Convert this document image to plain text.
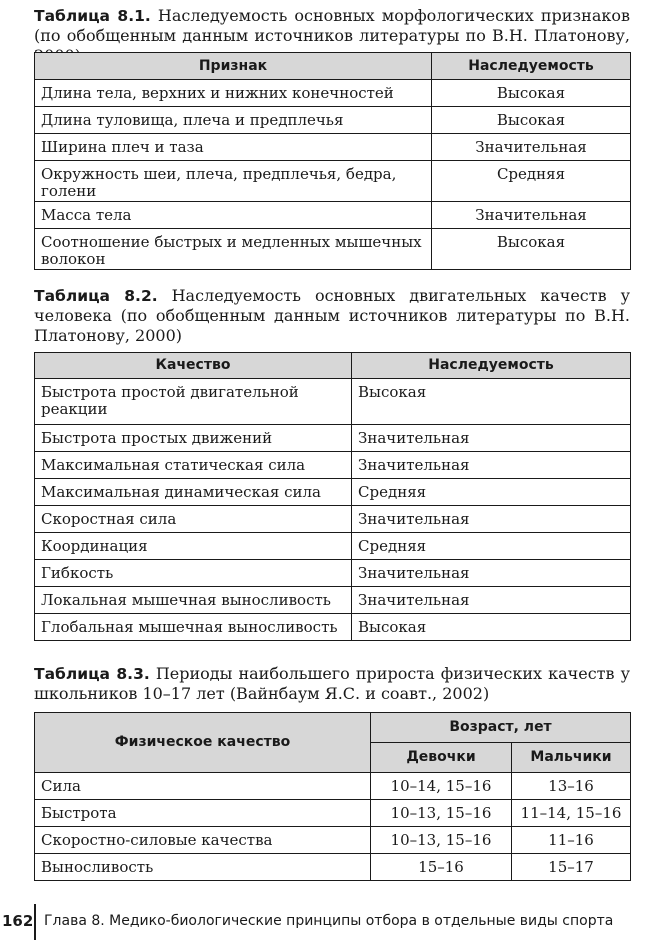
Таблица 8.1. Наследуемость основных морфологических признаков (по обобщенным данным источников литературы по В.Н. Платонову,
Признак	Наследуемость
Длина тела, верхних и нижних конечностей	Высокая
Длина туловища, плеча и предплечья	Высокая
Ширина плеч и таза	Значительная
Окружность шеи, плеча, предплечья, бедра, голени	Средняя
Масса тела	Значительная
Соотношение быстрых и медленных мышечных волокон	Высокая
Таблица 8.2. Наследуемость основных двигательных качеств у человека (по обобщенным данным источников литературы по В.Н. Платонову, 2000)
Качество	Наследуемость
Быстрота простой двигательной реакции	Высокая
Быстрота простых движений	Значительная
Максимальная статическая сила	Значительная
Максимальная динамическая сила	Средняя
Скоростная сила	Значительная
Координация	Средняя
Гибкость	Значительная
Локальная мышечная выносливость	Значительная
Глобальная мышечная выносливость	Высокая
Таблица 8.3. Периоды наибольшего прироста физических качеств у школьников 10–17 лет (Вайнбаум Я.С. и соавт., 2002)
Физическое качество	Возраст, лет	
	Девочки	Мальчики
Сила	10–14, 15–16	13–16
Быстрота	10–13, 15–16	11–14, 15–16
Скоростно-силовые качества	10–13, 15–16	11–16
Выносливость	15–16	15–17
162 Глава 8. Медико-биологические принципы отбора в отдельные виды спорта
